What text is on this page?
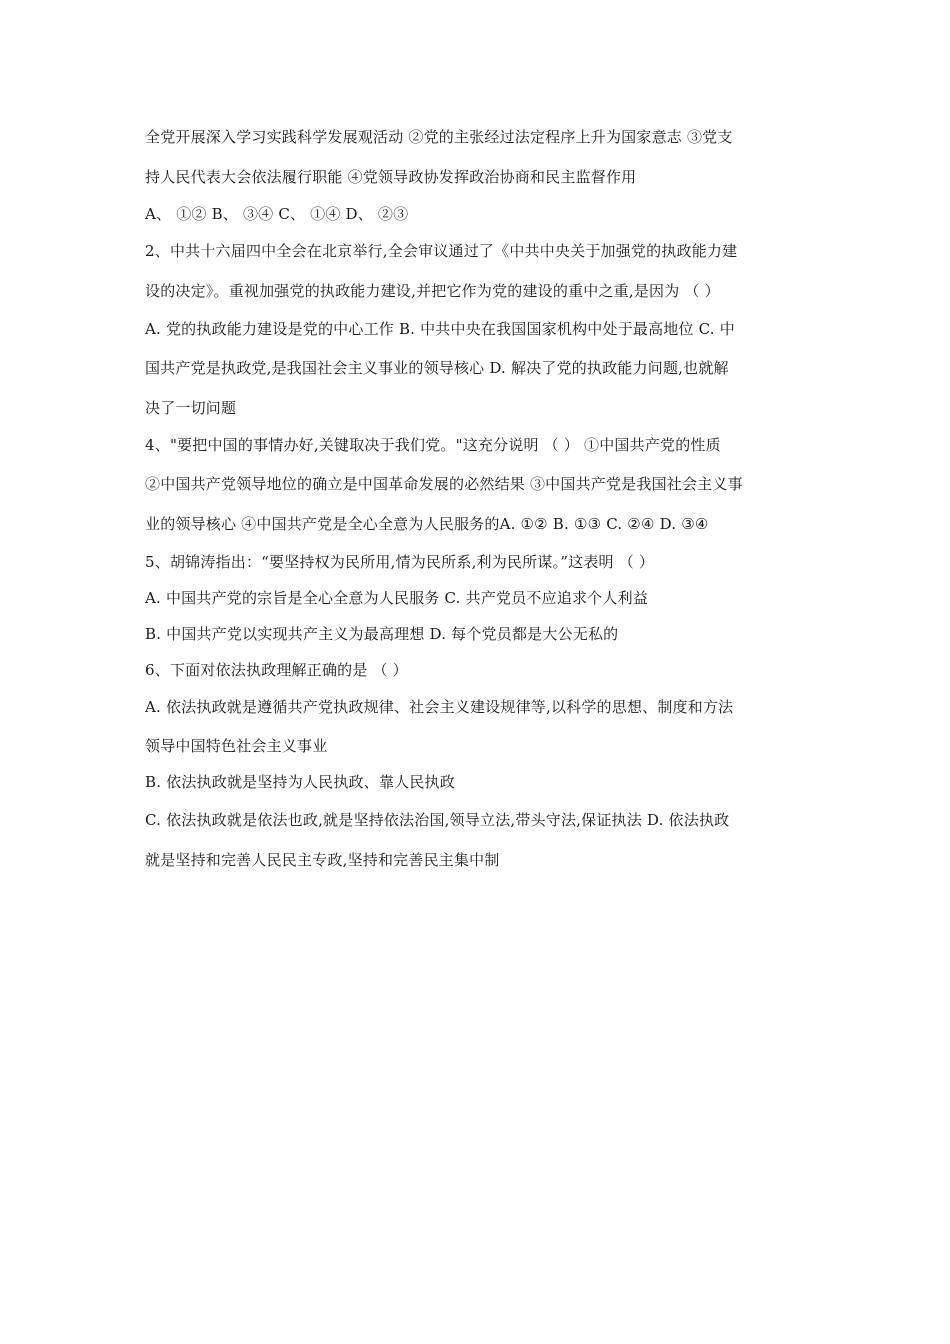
全党开展深入学习实践科学发展观活动 ②党的主张经过法定程序上升为国家意志 ③党支
持人民代表大会依法履行职能 ④党领导政协发挥政治协商和民主监督作用
A、 ①② B、 ③④ C、 ①④ D、 ②③
2、中共十六届四中全会在北京举行,全会审议通过了《中共中央关于加强党的执政能力建
设的决定》。重视加强党的执政能力建设,并把它作为党的建设的重中之重,是因为 （ ）
A. 党的执政能力建设是党的中心工作 B. 中共中央在我国国家机构中处于最高地位 C. 中
国共产党是执政党,是我国社会主义事业的领导核心 D. 解决了党的执政能力问题,也就解
决了一切问题
4、"要把中国的事情办好,关键取决于我们党。"这充分说明 （ ） ①中国共产党的性质
②中国共产党领导地位的确立是中国革命发展的必然结果 ③中国共产党是我国社会主义事
业的领导核心 ④中国共产党是全心全意为人民服务的A. ①② B. ①③ C. ②④ D. ③④
5、胡锦涛指出：“要坚持权为民所用,情为民所系,利为民所谋。”这表明 （ ）
A. 中国共产党的宗旨是全心全意为人民服务 C. 共产党员不应追求个人利益
B. 中国共产党以实现共产主义为最高理想 D. 每个党员都是大公无私的
6、下面对依法执政理解正确的是 （ ）
A. 依法执政就是遵循共产党执政规律、社会主义建设规律等,以科学的思想、制度和方法
领导中国特色社会主义事业
B. 依法执政就是坚持为人民执政、靠人民执政
C. 依法执政就是依法也政,就是坚持依法治国,领导立法,带头守法,保证执法 D. 依法执政
就是坚持和完善人民民主专政,坚持和完善民主集中制
